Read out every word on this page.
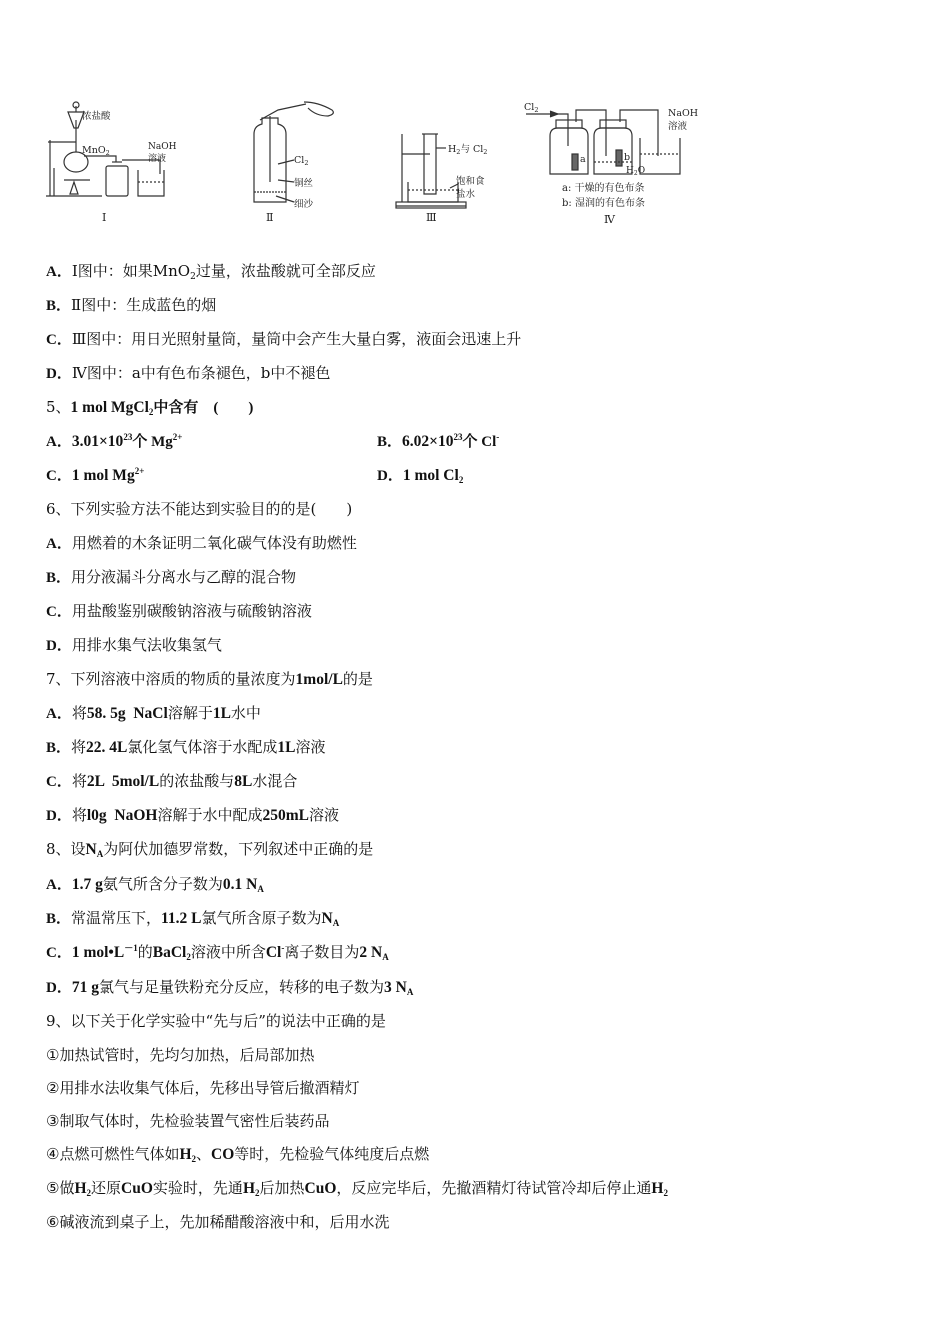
浓盐酸
MnO$_2$
NaOH
溶液
Ⅰ
$Cl_2$
铜丝
细沙
Ⅱ
$H_2$与 $Cl_2$
饱和食
盐水
Ⅲ
$Cl_2$	NaOH
溶液
a	b
$H_2O$
a: 干燥的有色布条
b: 湿润的有色布条
Ⅳ
A．Ⅰ图中：如果MnO$_2$过量，浓盐酸就可全部反应
B．Ⅱ图中：生成蓝色的烟
C．Ⅲ图中：用日光照射量筒，量筒中会产生大量白雾，液面会迅速上升
D．Ⅳ图中：a中有色布条褪色，b中不褪色
5、1 mol MgCl$_2$中含有　(　　)
A．$3.01\times 10^{23}$个 $Mg^{2+}$	B．$6.02\times 10^{23}$个 Cl-
C．1 mol $Mg^{2+}$	D．1 mol $Cl_2$
6、下列实验方法不能达到实验目的的是(　　)
A．用燃着的木条证明二氧化碳气体没有助燃性
B．用分液漏斗分离水与乙醇的混合物
C．用盐酸鉴别碳酸钠溶液与硫酸钠溶液
D．用排水集气法收集氢气
7、下列溶液中溶质的物质的量浓度为1mol/L的是
A．将58. 5g  NaCl溶解于1L水中
B．将22. 4L氯化氢气体溶于水配成1L溶液
C．将2L  5mol/L的浓盐酸与8L水混合
D．将l0g  NaOH溶解于水中配成250mL溶液
8、设$N_A$为阿伏加德罗常数，下列叙述中正确的是
A．1.7 g氨气所含分子数为0.1 $N_A$
B．常温常压下，11.2 L氯气所含原子数为$N_A$
C．1 $mol•L^{-1}$的BaCl$_2$溶液中所含Cl-离子数目为2 $N_A$
D．71 g氯气与足量铁粉充分反应，转移的电子数为3 $N_A$
9、以下关于化学实验中“先与后”的说法中正确的是
①加热试管时，先均匀加热，后局部加热
②用排水法收集气体后，先移出导管后撤酒精灯
③制取气体时，先检验装置气密性后装药品
④点燃可燃性气体如$H_2$、CO等时，先检验气体纯度后点燃
⑤做$H_2$还原CuO实验时，先通$H_2$后加热CuO，反应完毕后，先撤酒精灯待试管冷却后停止通$H_2$
⑥碱液流到桌子上，先加稀醋酸溶液中和，后用水洗
